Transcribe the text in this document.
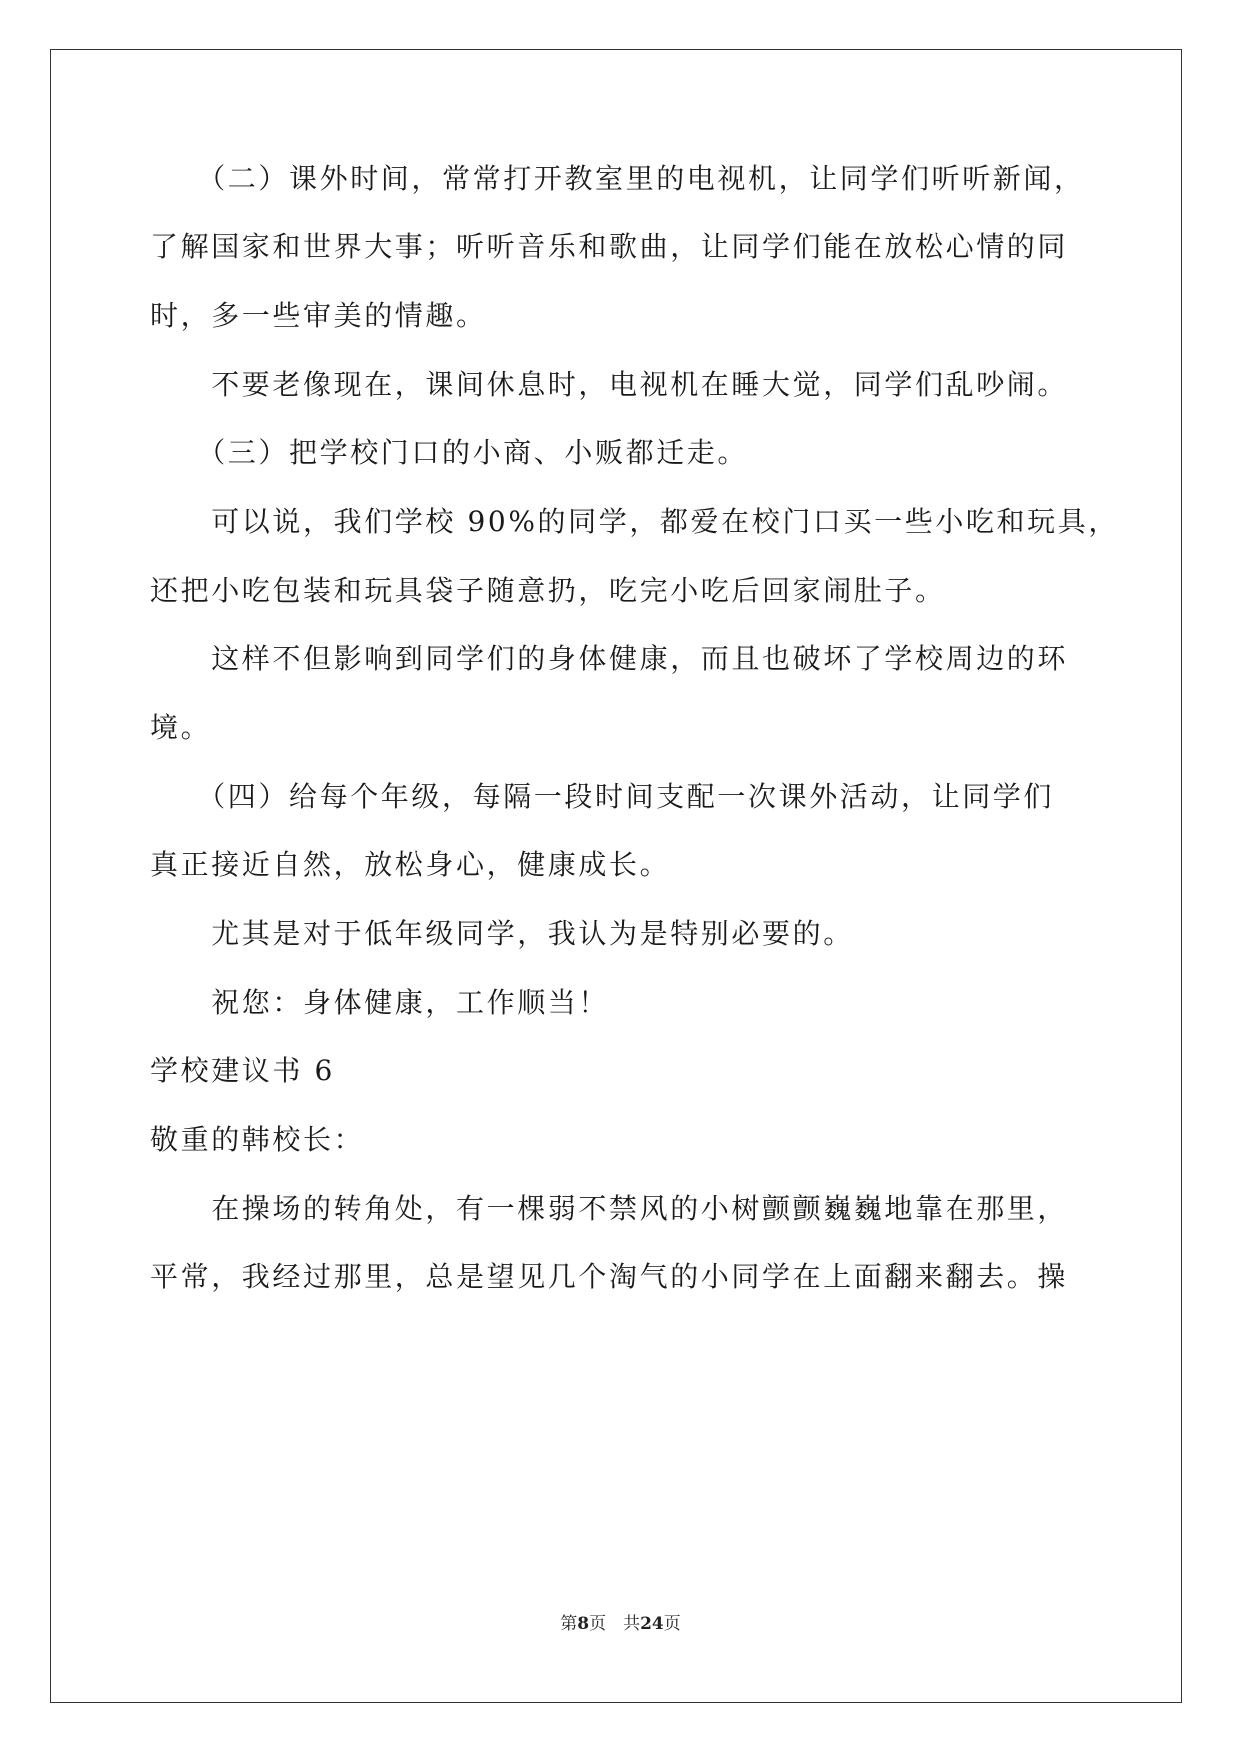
　　（二）课外时间，常常打开教室里的电视机，让同学们听听新闻，
了解国家和世界大事；听听音乐和歌曲，让同学们能在放松心情的同
时，多一些审美的情趣。
　　不要老像现在，课间休息时，电视机在睡大觉，同学们乱吵闹。
　　（三）把学校门口的小商、小贩都迁走。
　　可以说，我们学校 90%的同学，都爱在校门口买一些小吃和玩具，
还把小吃包装和玩具袋子随意扔，吃完小吃后回家闹肚子。
　　这样不但影响到同学们的身体健康，而且也破坏了学校周边的环
境。
　　（四）给每个年级，每隔一段时间支配一次课外活动，让同学们
真正接近自然，放松身心，健康成长。
　　尤其是对于低年级同学，我认为是特别必要的。
　　祝您：身体健康，工作顺当！
学校建议书 6
敬重的韩校长：
　　在操场的转角处，有一棵弱不禁风的小树颤颤巍巍地靠在那里，
平常，我经过那里，总是望见几个淘气的小同学在上面翻来翻去。操
第8页　共24页
